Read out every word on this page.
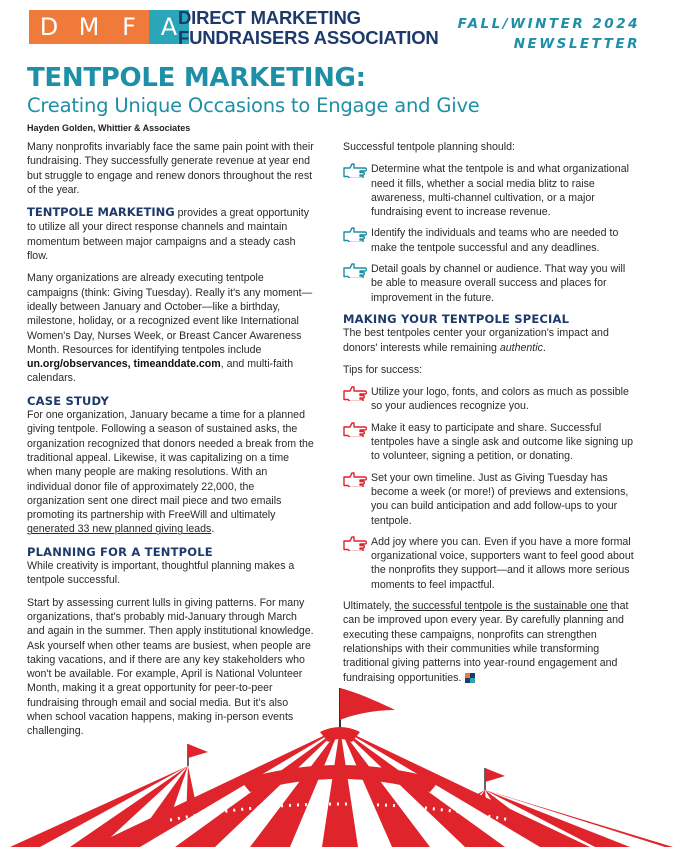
D M F	A DIRECT MARKETING
FUNDRAISERS ASSOCIATION
FALL/WINTER 2024
NEWSLETTER
TENTPOLE MARKETING:
Creating Unique Occasions to Engage and Give
Hayden Golden, Whittier & Associates

Many nonprofits invariably face the same pain point with their fundraising. They successfully generate revenue at year end but struggle to engage and renew donors throughout the rest of the year.

TENTPOLE MARKETING provides a great opportunity to utilize all your direct response channels and maintain momentum between major campaigns and a steady cash flow.

Many organizations are already executing tentpole campaigns (think: Giving Tuesday). Really it's any moment—ideally between January and October—like a birthday, milestone, holiday, or a recognized event like International Women's Day, Nurses Week, or Breast Cancer Awareness Month. Resources for identifying tentpoles include un.org/observances, timeanddate.com, and multi-faith calendars.

CASE STUDY

For one organization, January became a time for a planned giving tentpole. Following a season of sustained asks, the organization recognized that donors needed a break from the traditional appeal. Likewise, it was capitalizing on a time when many people are making resolutions. With an individual donor file of approximately 22,000, the organization sent one direct mail piece and two emails promoting its partnership with FreeWill and ultimately generated 33 new planned giving leads.

PLANNING FOR A TENTPOLE

While creativity is important, thoughtful planning makes a tentpole successful.

Start by assessing current lulls in giving patterns. For many organizations, that's probably mid-January through March and again in the summer. Then apply institutional knowledge. Ask yourself when other teams are busiest, when people are taking vacations, and if there are any key stakeholders who won't be available. For example, April is National Volunteer Month, making it a great opportunity for peer-to-peer fundraising through email and social media. But it's also when school vacation happens, making in-person events challenging.

Successful tentpole planning should:

Determine what the tentpole is and what organizational need it fills, whether a social media blitz to raise awareness, multi-channel cultivation, or a major fundraising event to increase revenue.
Identify the individuals and teams who are needed to make the tentpole successful and any deadlines.
Detail goals by channel or audience. That way you will be able to measure overall success and places for improvement in the future.
MAKING YOUR TENTPOLE SPECIAL

The best tentpoles center your organization's impact and donors' interests while remaining authentic.

Tips for success:

Utilize your logo, fonts, and colors as much as possible so your audiences recognize you.
Make it easy to participate and share. Successful tentpoles have a single ask and outcome like signing up to volunteer, signing a petition, or donating.
Set your own timeline. Just as Giving Tuesday has become a week (or more!) of previews and extensions, you can build anticipation and add follow-ups to your tentpole.
Add joy where you can. Even if you have a more formal organizational voice, supporters want to feel good about the nonprofits they support—and it allows more serious moments to feel impactful.

Ultimately, the successful tentpole is the sustainable one that can be improved upon every year. By carefully planning and executing these campaigns, nonprofits can strengthen relationships with their communities while transforming traditional giving patterns into year-round engagement and fundraising opportunities.
